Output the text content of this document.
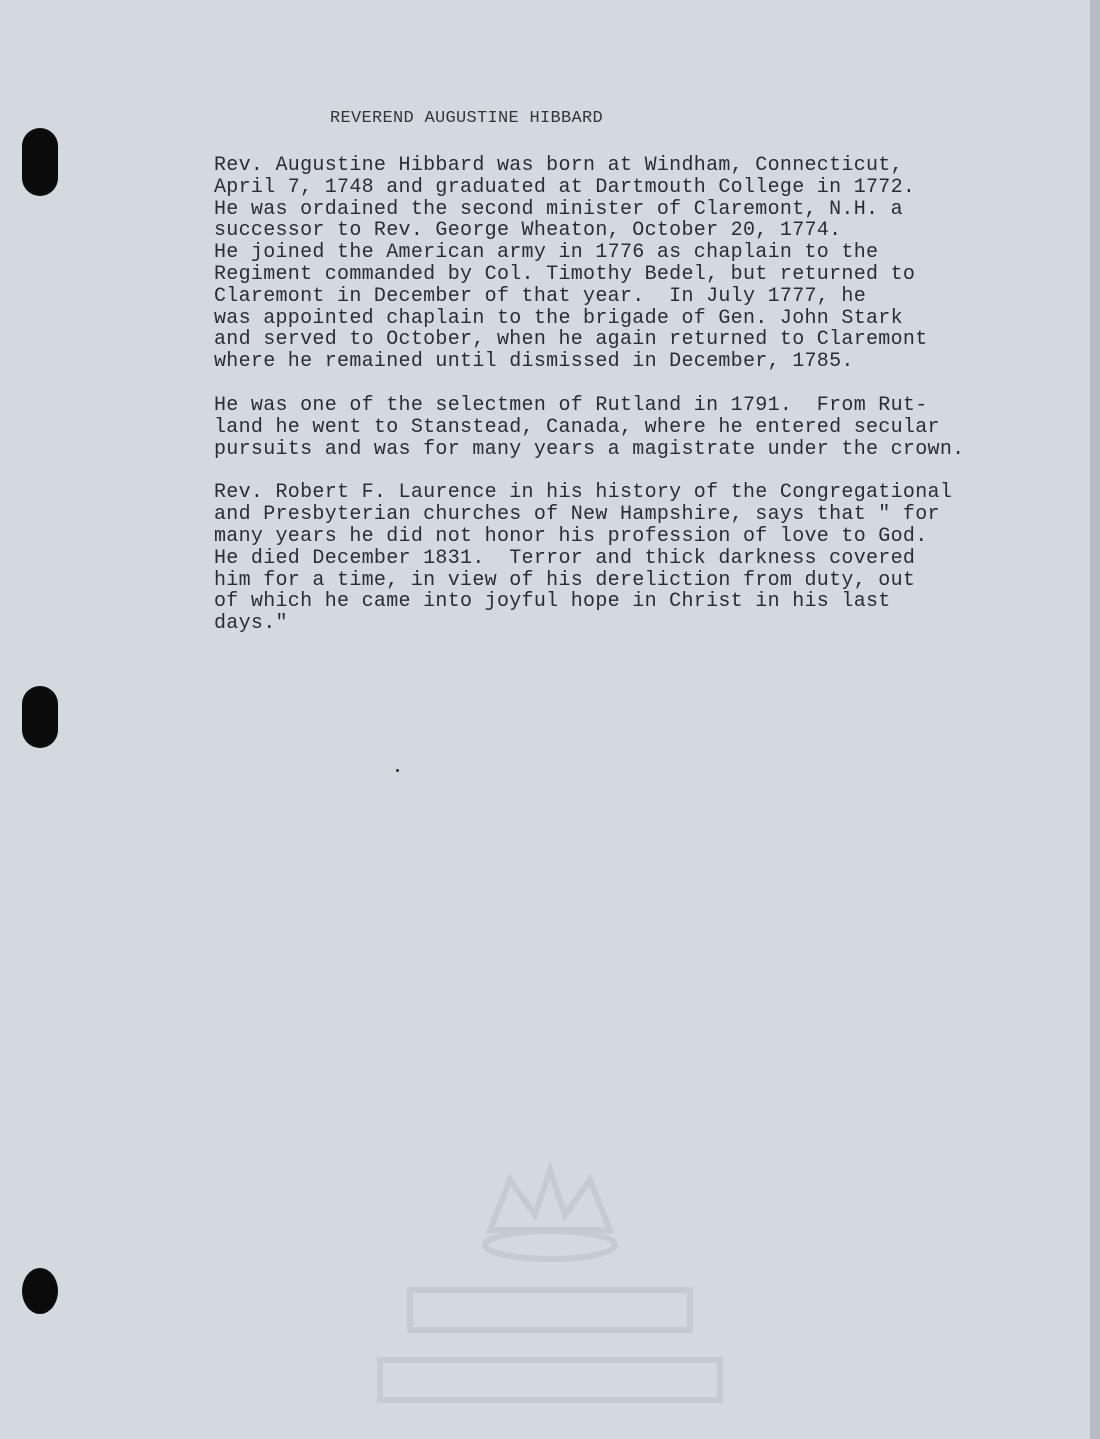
REVEREND AUGUSTINE HIBBARD
Rev. Augustine Hibbard was born at Windham, Connecticut,
April 7, 1748 and graduated at Dartmouth College in 1772.
He was ordained the second minister of Claremont, N.H. a
successor to Rev. George Wheaton, October 20, 1774.
He joined the American army in 1776 as chaplain to the
Regiment commanded by Col. Timothy Bedel, but returned to
Claremont in December of that year.  In July 1777, he
was appointed chaplain to the brigade of Gen. John Stark
and served to October, when he again returned to Claremont
where he remained until dismissed in December, 1785.
He was one of the selectmen of Rutland in 1791.  From Rut-
land he went to Stanstead, Canada, where he entered secular
pursuits and was for many years a magistrate under the crown.
Rev. Robert F. Laurence in his history of the Congregational
and Presbyterian churches of New Hampshire, says that " for
many years he did not honor his profession of love to God.
He died December 1831.  Terror and thick darkness covered
him for a time, in view of his dereliction from duty, out
of which he came into joyful hope in Christ in his last
days."
